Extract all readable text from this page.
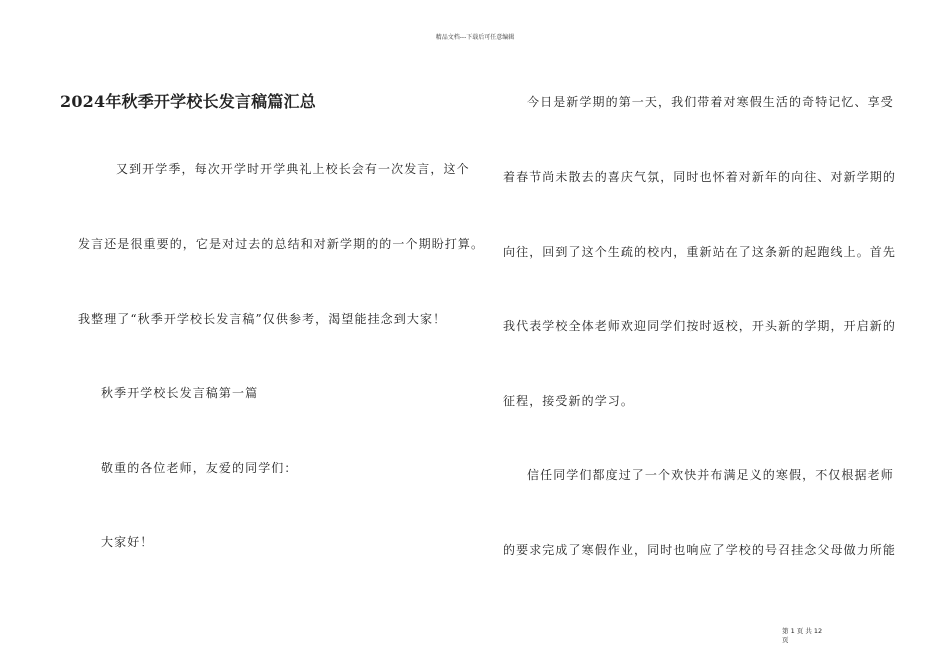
精品文档---下载后可任意编辑
2024年秋季开学校长发言稿篇汇总
又到开学季，每次开学时开学典礼上校长会有一次发言，这个
发言还是很重要的，它是对过去的总结和对新学期的的一个期盼打算。
我整理了“秋季开学校长发言稿”仅供参考，渴望能挂念到大家！
秋季开学校长发言稿第一篇
敬重的各位老师，友爱的同学们：
大家好！
今日是新学期的第一天，我们带着对寒假生活的奇特记忆、享受
着春节尚未散去的喜庆气氛，同时也怀着对新年的向往、对新学期的
向往，回到了这个生疏的校内，重新站在了这条新的起跑线上。首先
我代表学校全体老师欢迎同学们按时返校，开头新的学期，开启新的
征程，接受新的学习。
信任同学们都度过了一个欢快并布满足义的寒假，不仅根据老师
的要求完成了寒假作业，同时也响应了学校的号召挂念父母做力所能
第 1 页 共 12 页
